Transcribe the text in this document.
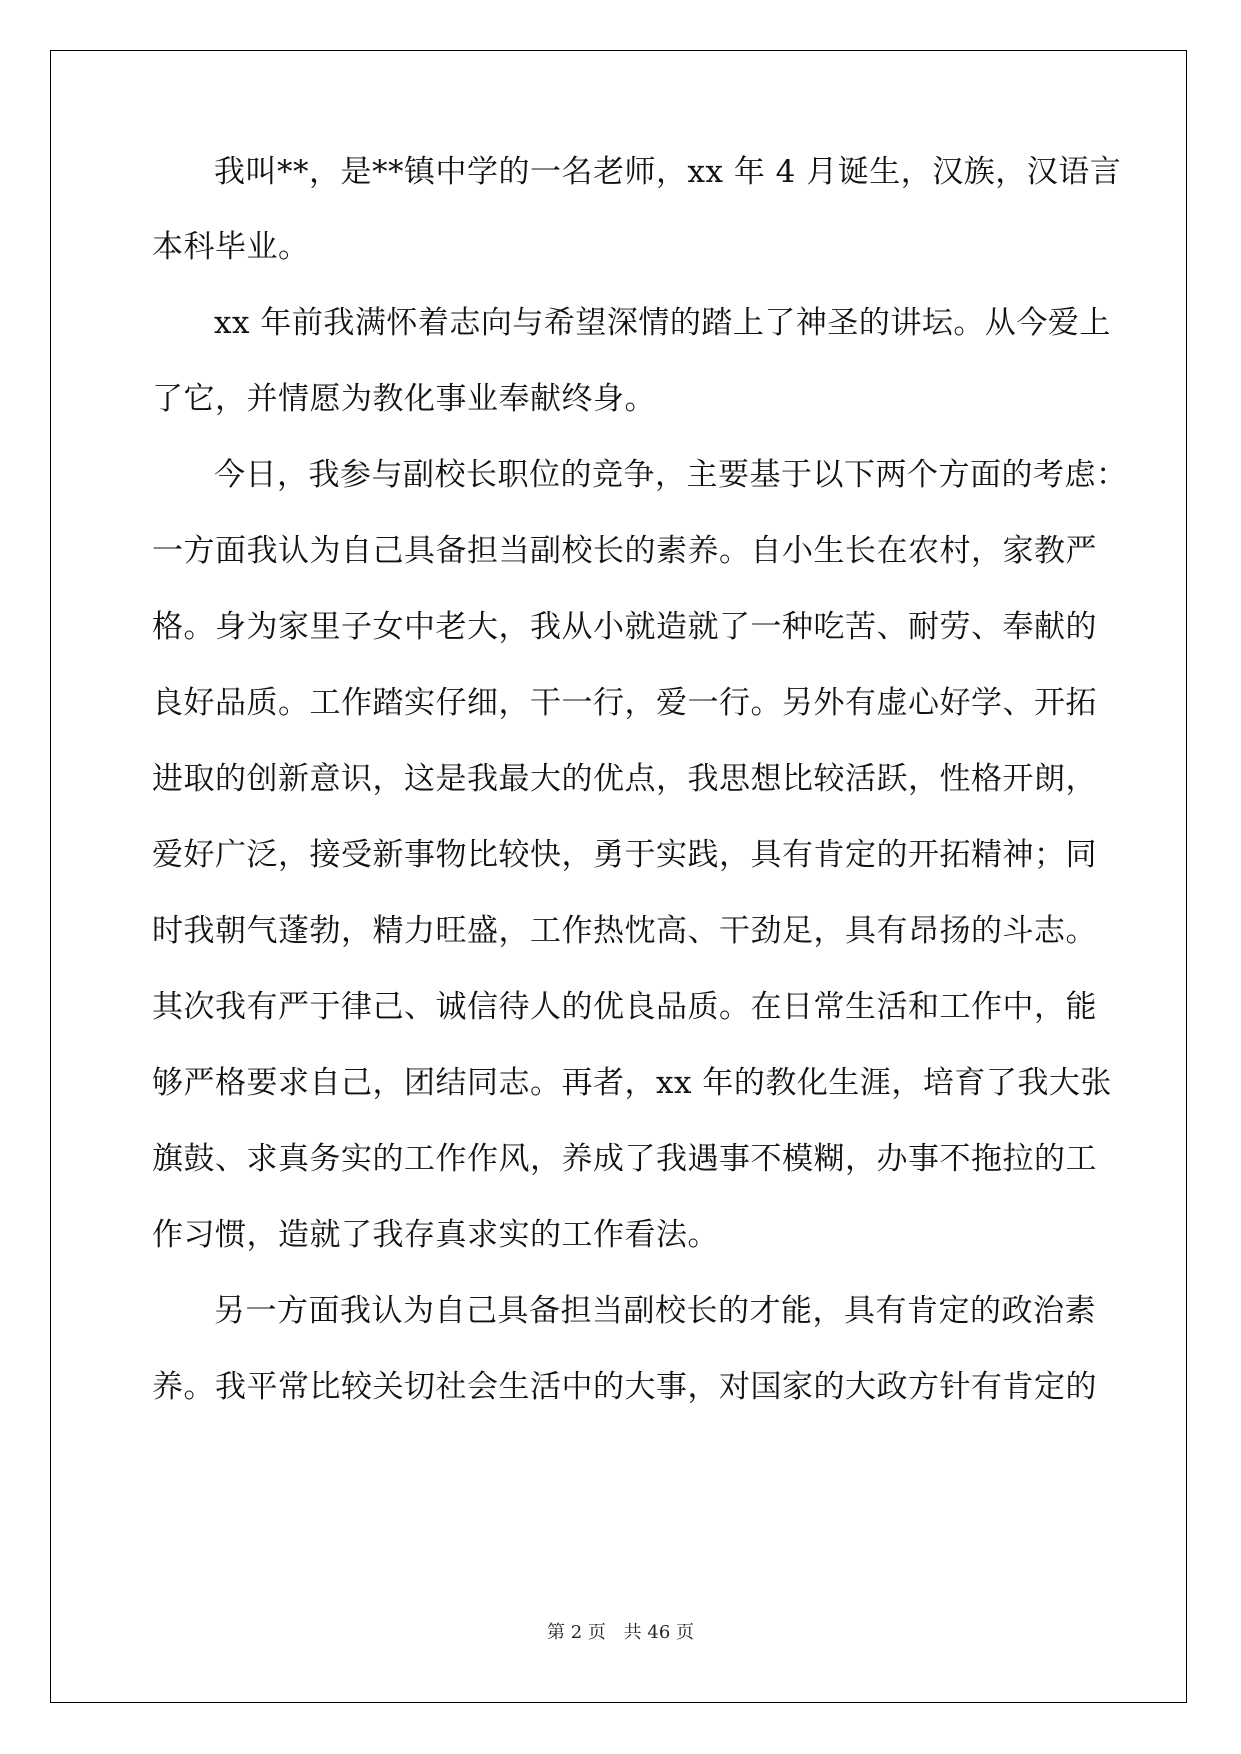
我叫**，是**镇中学的一名老师，xx 年 4 月诞生，汉族，汉语言
本科毕业。
xx 年前我满怀着志向与希望深情的踏上了神圣的讲坛。从今爱上
了它，并情愿为教化事业奉献终身。
今日，我参与副校长职位的竞争，主要基于以下两个方面的考虑：
一方面我认为自己具备担当副校长的素养。自小生长在农村，家教严
格。身为家里子女中老大，我从小就造就了一种吃苦、耐劳、奉献的
良好品质。工作踏实仔细，干一行，爱一行。另外有虚心好学、开拓
进取的创新意识，这是我最大的优点，我思想比较活跃，性格开朗，
爱好广泛，接受新事物比较快，勇于实践，具有肯定的开拓精神；同
时我朝气蓬勃，精力旺盛，工作热忱高、干劲足，具有昂扬的斗志。
其次我有严于律己、诚信待人的优良品质。在日常生活和工作中，能
够严格要求自己，团结同志。再者，xx 年的教化生涯，培育了我大张
旗鼓、求真务实的工作作风，养成了我遇事不模糊，办事不拖拉的工
作习惯，造就了我存真求实的工作看法。
另一方面我认为自己具备担当副校长的才能，具有肯定的政治素
养。我平常比较关切社会生活中的大事，对国家的大政方针有肯定的
第 2 页 共 46 页
